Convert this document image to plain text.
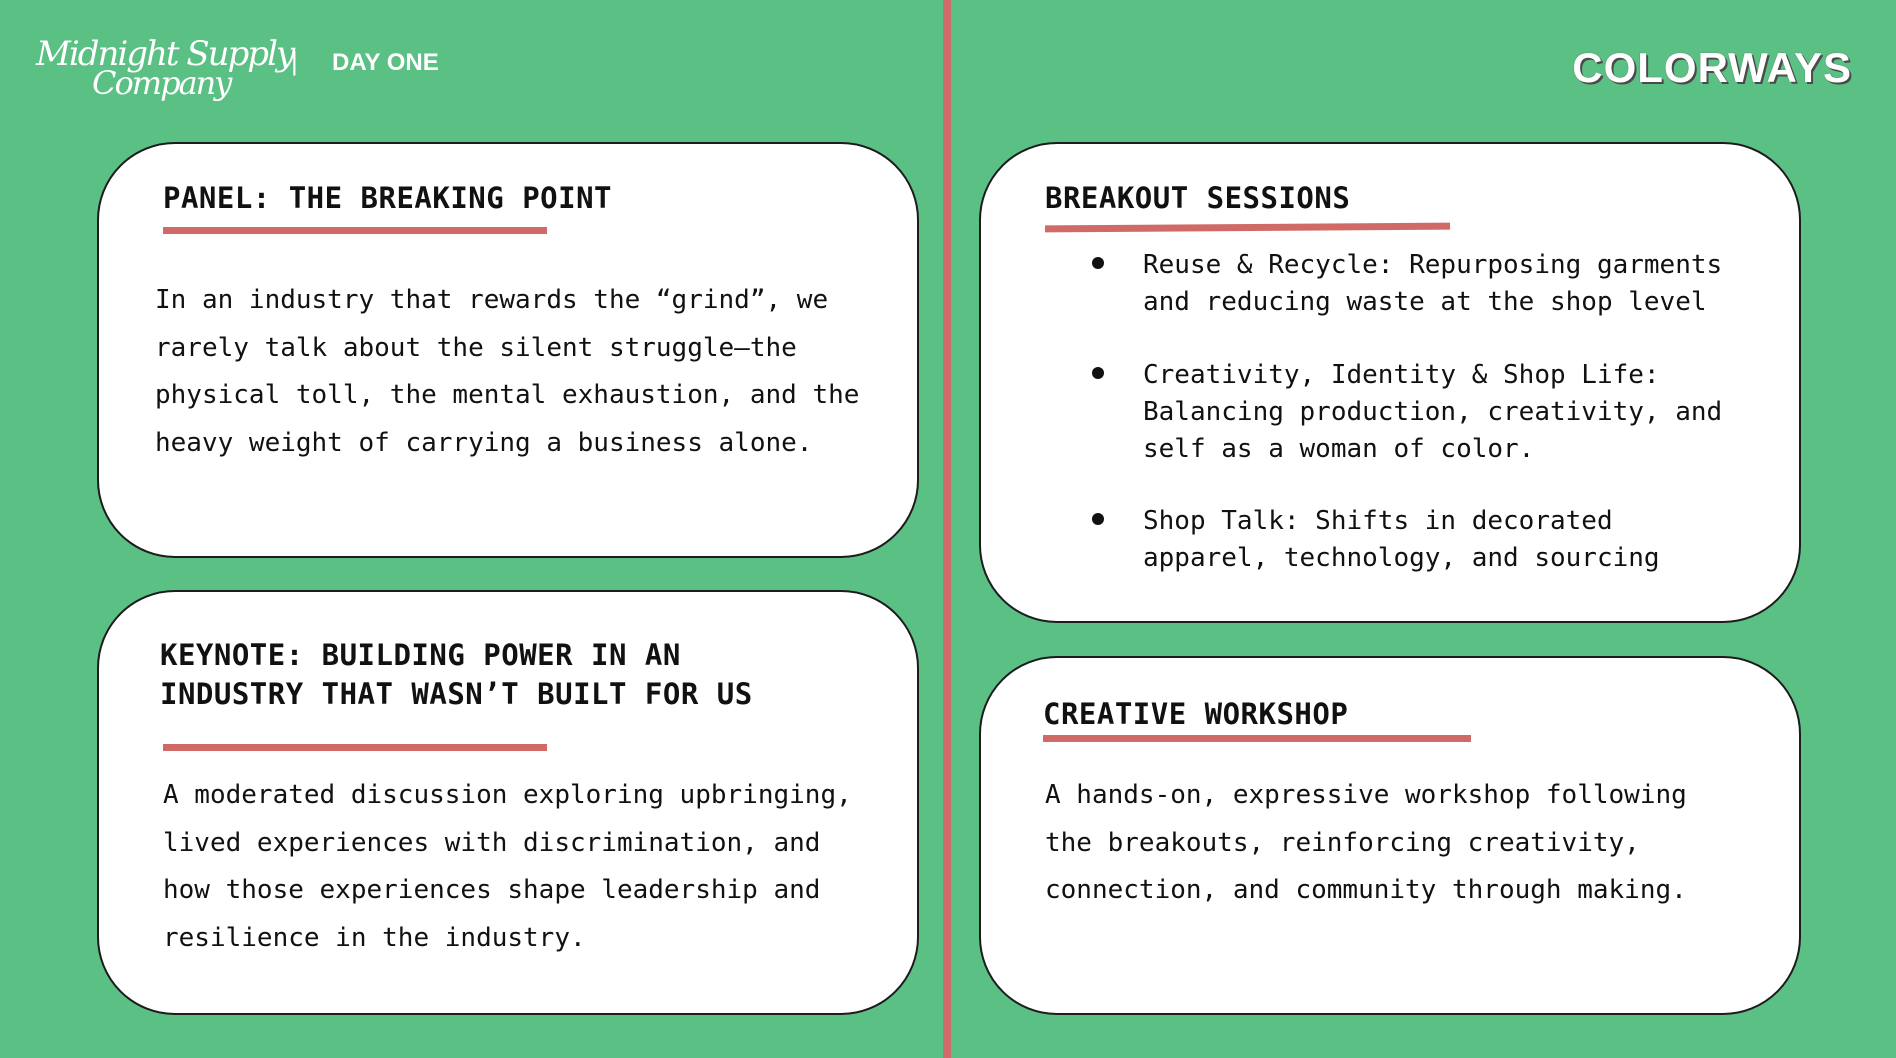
Midnight Supply
Company
| DAY ONE	COLORWAYS
PANEL: THE BREAKING POINT
In an industry that rewards the “grind”, we
rarely talk about the silent struggle—the
physical toll, the mental exhaustion, and the
heavy weight of carrying a business alone.
KEYNOTE: BUILDING POWER IN AN
INDUSTRY THAT WASN’T BUILT FOR US
A moderated discussion exploring upbringing,
lived experiences with discrimination, and
how those experiences shape leadership and
resilience in the industry.
BREAKOUT SESSIONS
Reuse & Recycle: Repurposing garments
and reducing waste at the shop level
Creativity, Identity & Shop Life:
Balancing production, creativity, and
self as a woman of color.
Shop Talk: Shifts in decorated
apparel, technology, and sourcing
CREATIVE WORKSHOP
A hands-on, expressive workshop following
the breakouts, reinforcing creativity,
connection, and community through making.
